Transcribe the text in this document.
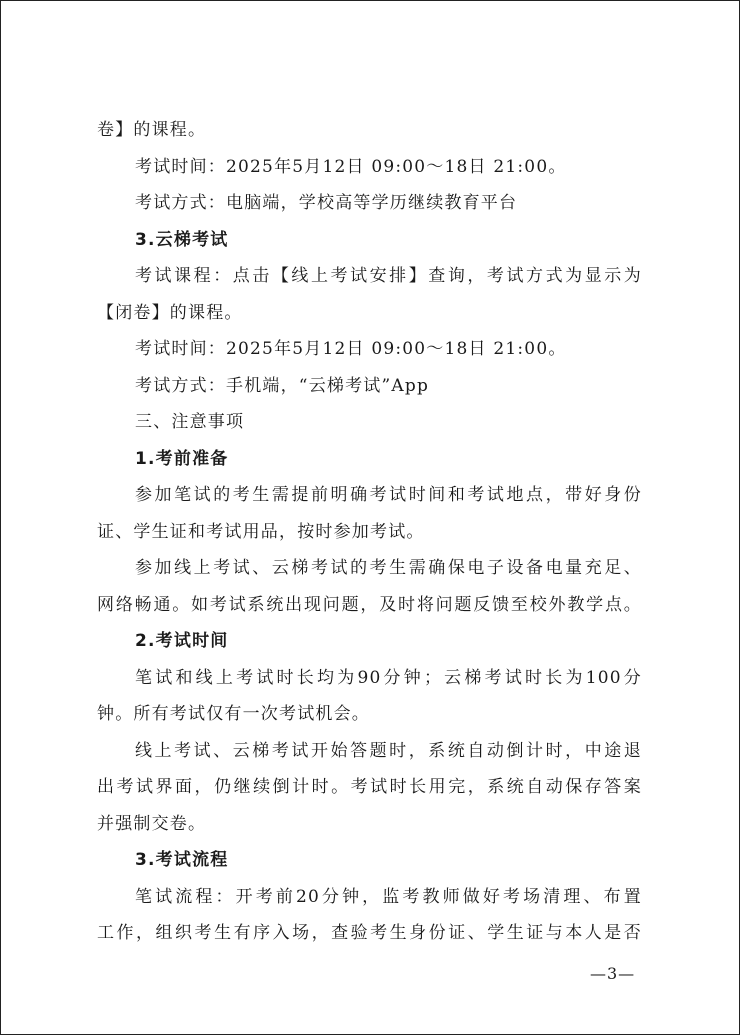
卷】的课程。

考试时间：2025年5月12日 09:00～18日 21:00。

考试方式：电脑端，学校高等学历继续教育平台

3.云梯考试

考试课程：点击【线上考试安排】查询，考试方式为显示为

【闭卷】的课程。

考试时间：2025年5月12日 09:00～18日 21:00。

考试方式：手机端，“云梯考试”App

三、注意事项

1.考前准备

参加笔试的考生需提前明确考试时间和考试地点，带好身份

证、学生证和考试用品，按时参加考试。

参加线上考试、云梯考试的考生需确保电子设备电量充足、

网络畅通。如考试系统出现问题，及时将问题反馈至校外教学点。

2.考试时间

笔试和线上考试时长均为90分钟；云梯考试时长为100分

钟。所有考试仅有一次考试机会。

线上考试、云梯考试开始答题时，系统自动倒计时，中途退

出考试界面，仍继续倒计时。考试时长用完，系统自动保存答案

并强制交卷。

3.考试流程

笔试流程：开考前20分钟，监考教师做好考场清理、布置

工作，组织考生有序入场，查验考生身份证、学生证与本人是否

—3—
